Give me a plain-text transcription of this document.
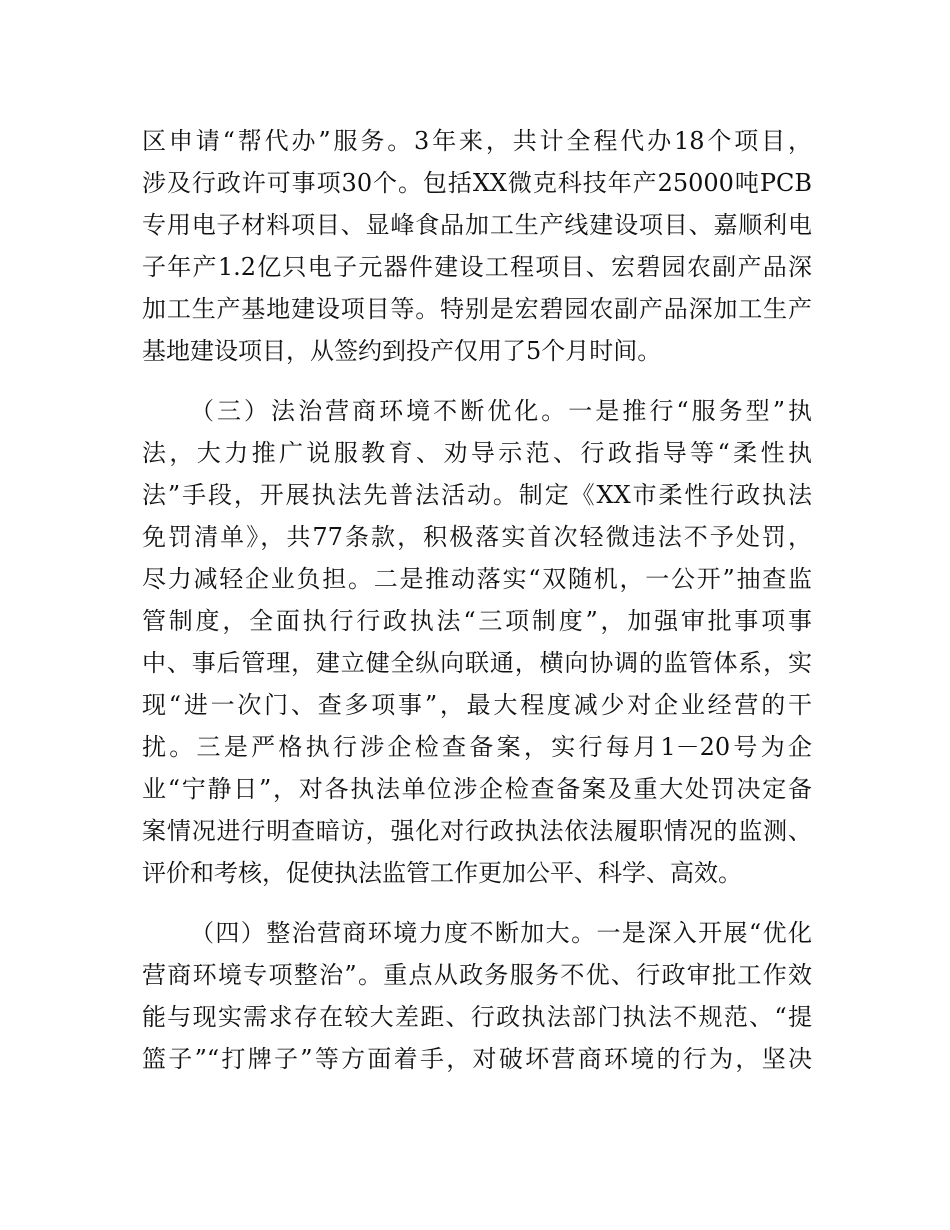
区申请“帮代办”服务。3年来，共计全程代办18个项目，
涉及行政许可事项30个。包括XX微克科技年产25000吨PCB
专用电子材料项目、显峰食品加工生产线建设项目、嘉顺利电
子年产1.2亿只电子元器件建设工程项目、宏碧园农副产品深
加工生产基地建设项目等。特别是宏碧园农副产品深加工生产
基地建设项目，从签约到投产仅用了5个月时间。
（三）法治营商环境不断优化。一是推行“服务型”执
法，大力推广说服教育、劝导示范、行政指导等“柔性执
法”手段，开展执法先普法活动。制定《XX市柔性行政执法
免罚清单》，共77条款，积极落实首次轻微违法不予处罚，
尽力减轻企业负担。二是推动落实“双随机，一公开”抽查监
管制度，全面执行行政执法“三项制度”，加强审批事项事
中、事后管理，建立健全纵向联通，横向协调的监管体系，实
现“进一次门、查多项事”，最大程度减少对企业经营的干
扰。三是严格执行涉企检查备案，实行每月1－20号为企
业“宁静日”，对各执法单位涉企检查备案及重大处罚决定备
案情况进行明查暗访，强化对行政执法依法履职情况的监测、
评价和考核，促使执法监管工作更加公平、科学、高效。
（四）整治营商环境力度不断加大。一是深入开展“优化
营商环境专项整治”。重点从政务服务不优、行政审批工作效
能与现实需求存在较大差距、行政执法部门执法不规范、“提
篮子”“打牌子”等方面着手，对破坏营商环境的行为，坚决
